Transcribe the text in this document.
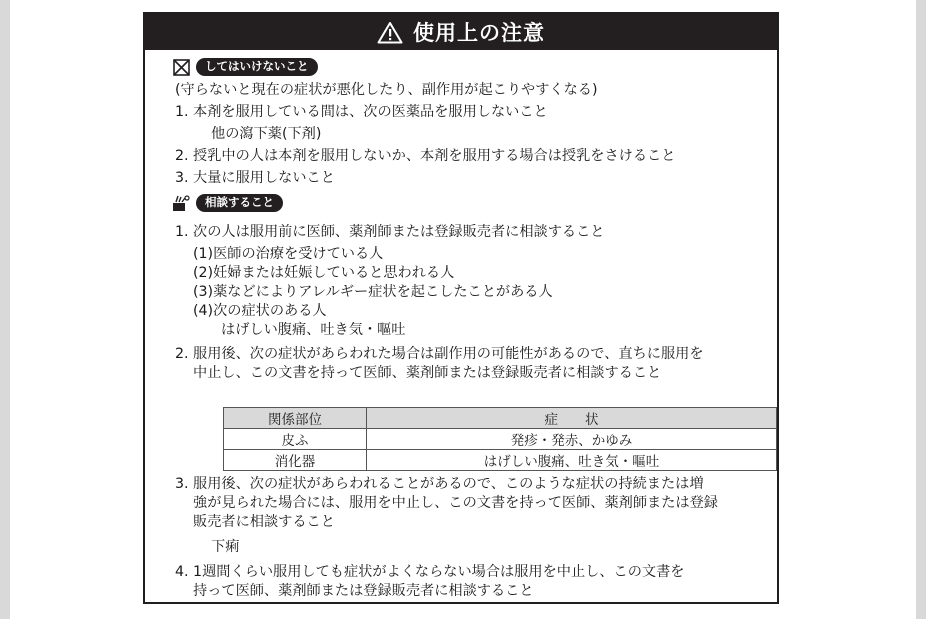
使用上の注意
してはいけないこと
(守らないと現在の症状が悪化したり、副作用が起こりやすくなる)
1. 本剤を服用している間は、次の医薬品を服用しないこと
他の瀉下薬(下剤)
2. 授乳中の人は本剤を服用しないか、本剤を服用する場合は授乳をさけること
3. 大量に服用しないこと
相談すること
1. 次の人は服用前に医師、薬剤師または登録販売者に相談すること
(1)医師の治療を受けている人
(2)妊婦または妊娠していると思われる人
(3)薬などによりアレルギー症状を起こしたことがある人
(4)次の症状のある人
はげしい腹痛、吐き気・嘔吐
2. 服用後、次の症状があらわれた場合は副作用の可能性があるので、直ちに服用を
中止し、この文書を持って医師、薬剤師または登録販売者に相談すること
関係部位	症　　状
皮ふ	発疹・発赤、かゆみ
消化器	はげしい腹痛、吐き気・嘔吐
3. 服用後、次の症状があらわれることがあるので、このような症状の持続または増
強が見られた場合には、服用を中止し、この文書を持って医師、薬剤師または登録
販売者に相談すること
下痢
4. 1週間くらい服用しても症状がよくならない場合は服用を中止し、この文書を
持って医師、薬剤師または登録販売者に相談すること
